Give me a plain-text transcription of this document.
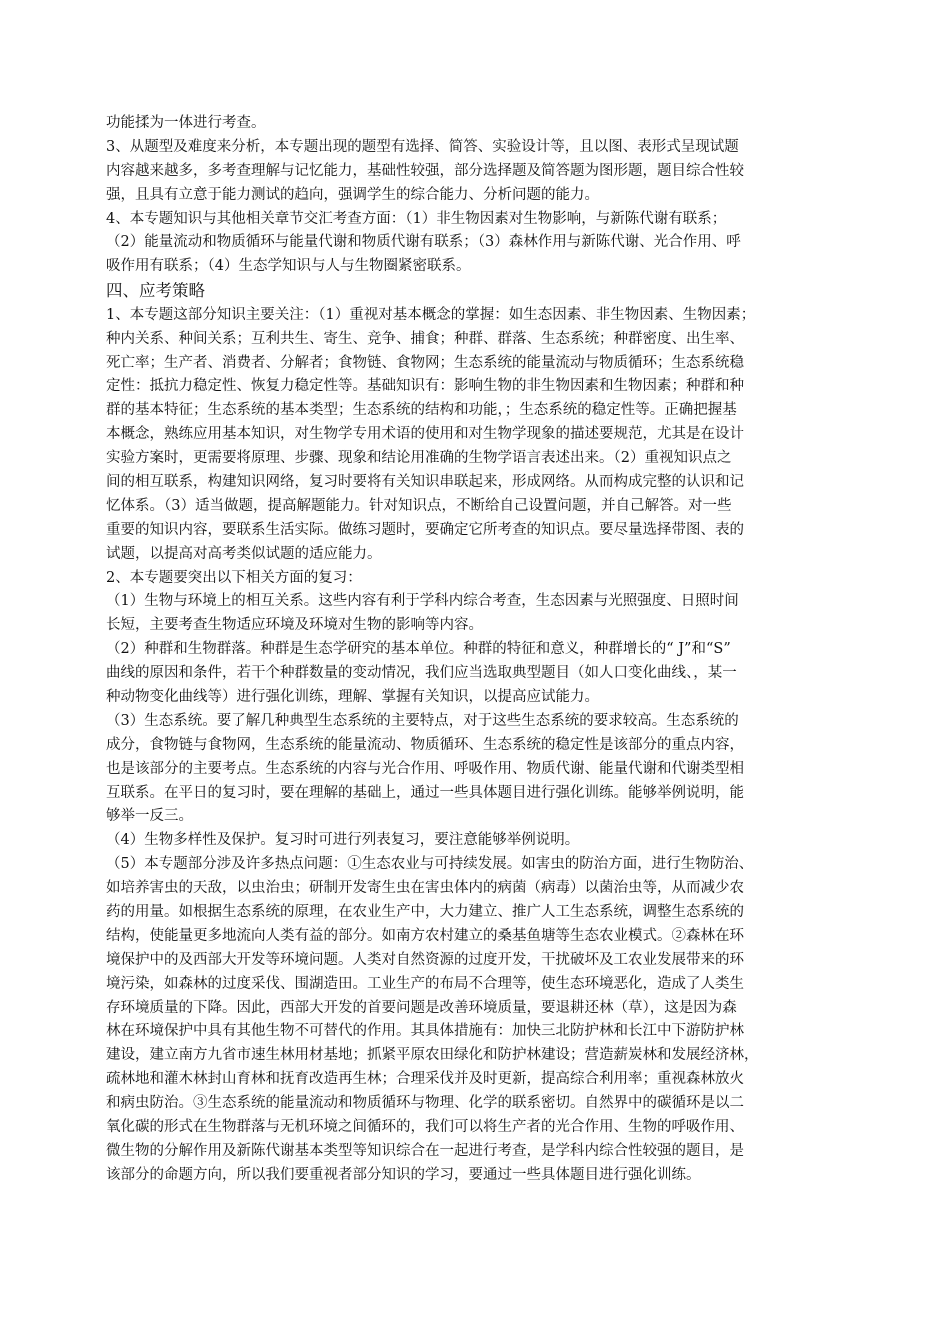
功能揉为一体进行考查。
3、从题型及难度来分析，本专题出现的题型有选择、简答、实验设计等，且以图、表形式呈现试题
内容越来越多，多考查理解与记忆能力，基础性较强，部分选择题及简答题为图形题，题目综合性较
强，且具有立意于能力测试的趋向，强调学生的综合能力、分析问题的能力。
4、本专题知识与其他相关章节交汇考查方面：（1）非生物因素对生物影响，与新陈代谢有联系；
（2）能量流动和物质循环与能量代谢和物质代谢有联系；（3）森林作用与新陈代谢、光合作用、呼
吸作用有联系；（4）生态学知识与人与生物圈紧密联系。
四、应考策略
1、本专题这部分知识主要关注：（1）重视对基本概念的掌握：如生态因素、非生物因素、生物因素；
种内关系、种间关系；互利共生、寄生、竞争、捕食；种群、群落、生态系统；种群密度、出生率、
死亡率；生产者、消费者、分解者；食物链、食物网；生态系统的能量流动与物质循环；生态系统稳
定性：抵抗力稳定性、恢复力稳定性等。基础知识有：影响生物的非生物因素和生物因素；种群和种
群的基本特征；生态系统的基本类型；生态系统的结构和功能，；生态系统的稳定性等。正确把握基
本概念，熟练应用基本知识，对生物学专用术语的使用和对生物学现象的描述要规范，尤其是在设计
实验方案时，更需要将原理、步骤、现象和结论用准确的生物学语言表述出来。（2）重视知识点之
间的相互联系，构建知识网络，复习时要将有关知识串联起来，形成网络。从而构成完整的认识和记
忆体系。（3）适当做题，提高解题能力。针对知识点，不断给自己设置问题，并自己解答。对一些
重要的知识内容，要联系生活实际。做练习题时，要确定它所考查的知识点。要尽量选择带图、表的
试题，以提高对高考类似试题的适应能力。
2、本专题要突出以下相关方面的复习：
（1）生物与环境上的相互关系。这些内容有利于学科内综合考查，生态因素与光照强度、日照时间
长短，主要考查生物适应环境及环境对生物的影响等内容。
（2）种群和生物群落。种群是生态学研究的基本单位。种群的特征和意义，种群增长的“ J”和“S”
曲线的原因和条件，若干个种群数量的变动情况，我们应当选取典型题目（如人口变化曲线、，某一
种动物变化曲线等）进行强化训练，理解、掌握有关知识，以提高应试能力。
（3）生态系统。要了解几种典型生态系统的主要特点，对于这些生态系统的要求较高。生态系统的
成分，食物链与食物网，生态系统的能量流动、物质循环、生态系统的稳定性是该部分的重点内容，
也是该部分的主要考点。生态系统的内容与光合作用、呼吸作用、物质代谢、能量代谢和代谢类型相
互联系。在平日的复习时，要在理解的基础上，通过一些具体题目进行强化训练。能够举例说明，能
够举一反三。
（4）生物多样性及保护。复习时可进行列表复习，要注意能够举例说明。
（5）本专题部分涉及许多热点问题：①生态农业与可持续发展。如害虫的防治方面，进行生物防治、
如培养害虫的天敌，以虫治虫；研制开发寄生虫在害虫体内的病菌（病毒）以菌治虫等，从而减少农
药的用量。如根据生态系统的原理，在农业生产中，大力建立、推广人工生态系统，调整生态系统的
结构，使能量更多地流向人类有益的部分。如南方农村建立的桑基鱼塘等生态农业模式。②森林在环
境保护中的及西部大开发等环境问题。人类对自然资源的过度开发，干扰破坏及工农业发展带来的环
境污染，如森林的过度采伐、围湖造田。工业生产的布局不合理等，使生态环境恶化，造成了人类生
存环境质量的下降。因此，西部大开发的首要问题是改善环境质量，要退耕还林（草），这是因为森
林在环境保护中具有其他生物不可替代的作用。其具体措施有：加快三北防护林和长江中下游防护林
建设，建立南方九省市速生林用材基地；抓紧平原农田绿化和防护林建设；营造薪炭林和发展经济林，
疏林地和灌木林封山育林和抚育改造再生林；合理采伐并及时更新，提高综合利用率；重视森林放火
和病虫防治。③生态系统的能量流动和物质循环与物理、化学的联系密切。自然界中的碳循环是以二
氧化碳的形式在生物群落与无机环境之间循环的，我们可以将生产者的光合作用、生物的呼吸作用、
微生物的分解作用及新陈代谢基本类型等知识综合在一起进行考查，是学科内综合性较强的题目，是
该部分的命题方向，所以我们要重视者部分知识的学习，要通过一些具体题目进行强化训练。
